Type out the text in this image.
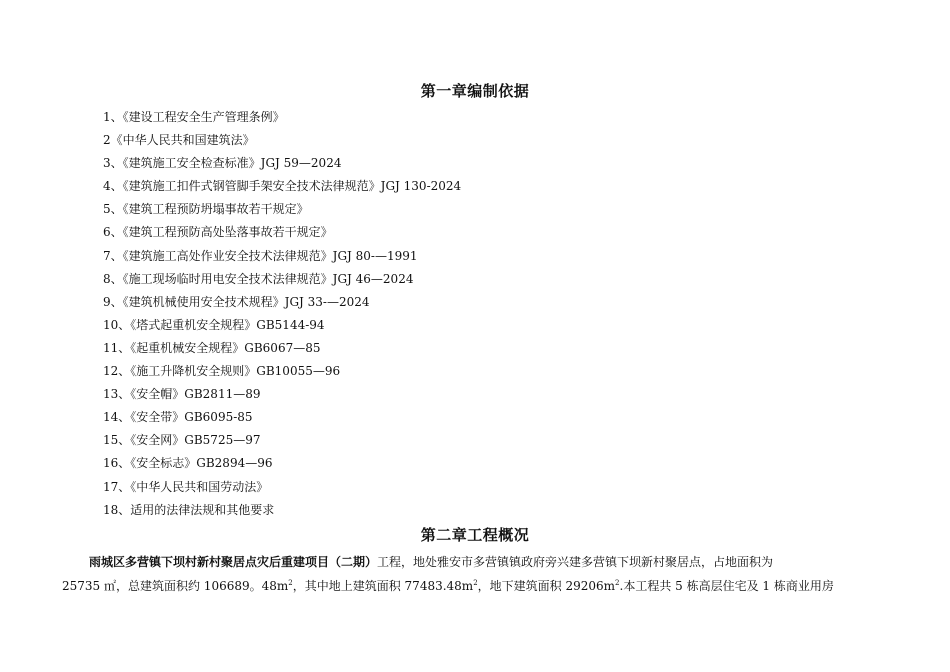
第一章编制依据
1、《建设工程安全生产管理条例》
2《中华人民共和国建筑法》
3、《建筑施工安全检查标准》JGJ 59—2024
4、《建筑施工扣件式钢管脚手架安全技术法律规范》JGJ 130-2024
5、《建筑工程预防坍塌事故若干规定》
6、《建筑工程预防高处坠落事故若干规定》
7、《建筑施工高处作业安全技术法律规范》JGJ 80-—1991
8、《施工现场临时用电安全技术法律规范》JGJ 46—2024
9、《建筑机械使用安全技术规程》JGJ 33-—2024
10、《塔式起重机安全规程》GB5144-94
11、《起重机械安全规程》GB6067—85
12、《施工升降机安全规则》GB10055—96
13、《安全帽》GB2811—89
14、《安全带》GB6095-85
15、《安全网》GB5725—97
16、《安全标志》GB2894—96
17、《中华人民共和国劳动法》
18、适用的法律法规和其他要求
第二章工程概况
雨城区多营镇下坝村新村聚居点灾后重建项目（二期）工程，地处雅安市多营镇镇政府旁兴建多营镇下坝新村聚居点，占地面积为
25735 ㎡，总建筑面积约 106689。$48m^2$，其中地上建筑面积 $77483.48m^2$，地下建筑面积 $29206m^2$.本工程共 5 栋高层住宅及 1 栋商业用房
